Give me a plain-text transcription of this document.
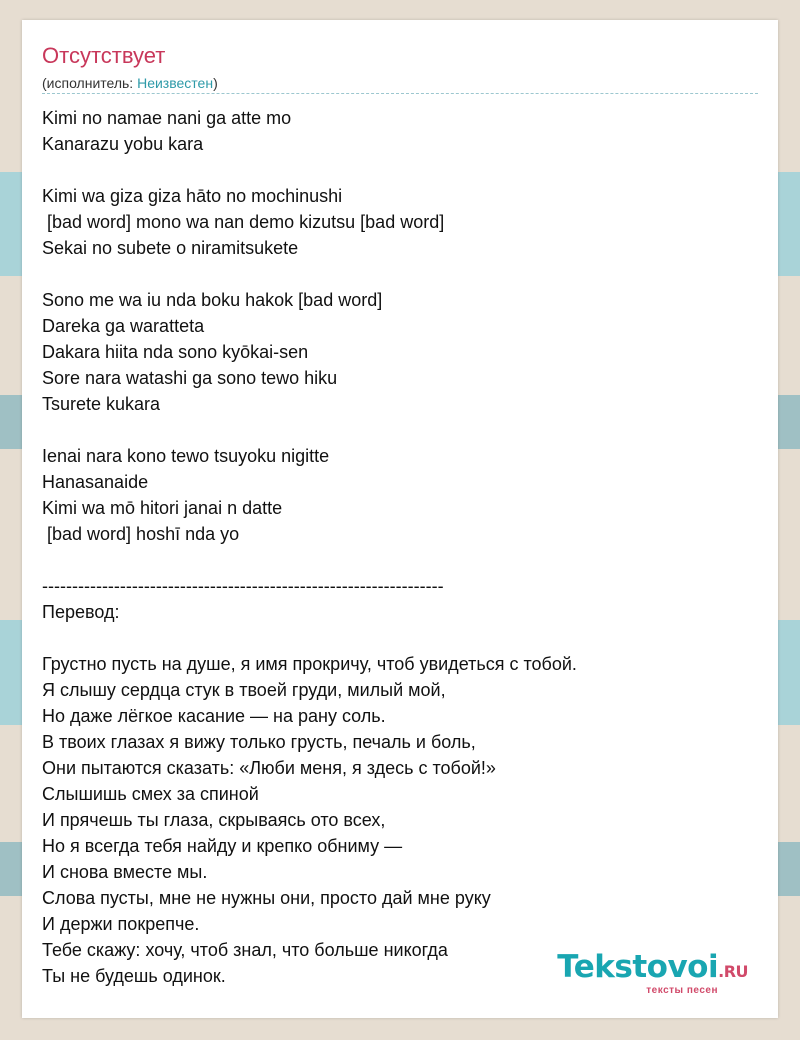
Отсутствует
(исполнитель: Неизвестен)
Kimi no namae nani ga atte mo
Kanarazu yobu kara
Kimi wa giza giza hāto no mochinushi
[bad word] mono wa nan demo kizutsu [bad word]
Sekai no subete o niramitsukete
Sono me wa iu nda boku hakok [bad word]
Dareka ga waratteta
Dakara hiita nda sono kyōkai-sen
Sore nara watashi ga sono tewo hiku
Tsurete kukara
Ienai nara kono tewo tsuyoku nigitte
Hanasanaide
Kimi wa mō hitori janai n datte
[bad word] hoshī nda yo
-------------------------------------------------------------------
Перевод:
Грустно пусть на душе, я имя прокричу, чтоб увидеться с тобой.
Я слышу сердца стук в твоей груди, милый мой,
Но даже лёгкое касание — на рану соль.
В твоих глазах я вижу только грусть, печаль и боль,
Они пытаются сказать: «Люби меня, я здесь с тобой!»
Слышишь смех за спиной
И прячешь ты глаза, скрываясь ото всех,
Но я всегда тебя найду и крепко обниму —
И снова вместе мы.
Слова пусты, мне не нужны они, просто дай мне руку
И держи покрепче.
Тебе скажу: хочу, чтоб знал, что больше никогда
Ты не будешь одинок.	Tekstovoi.RU
тексты песен
